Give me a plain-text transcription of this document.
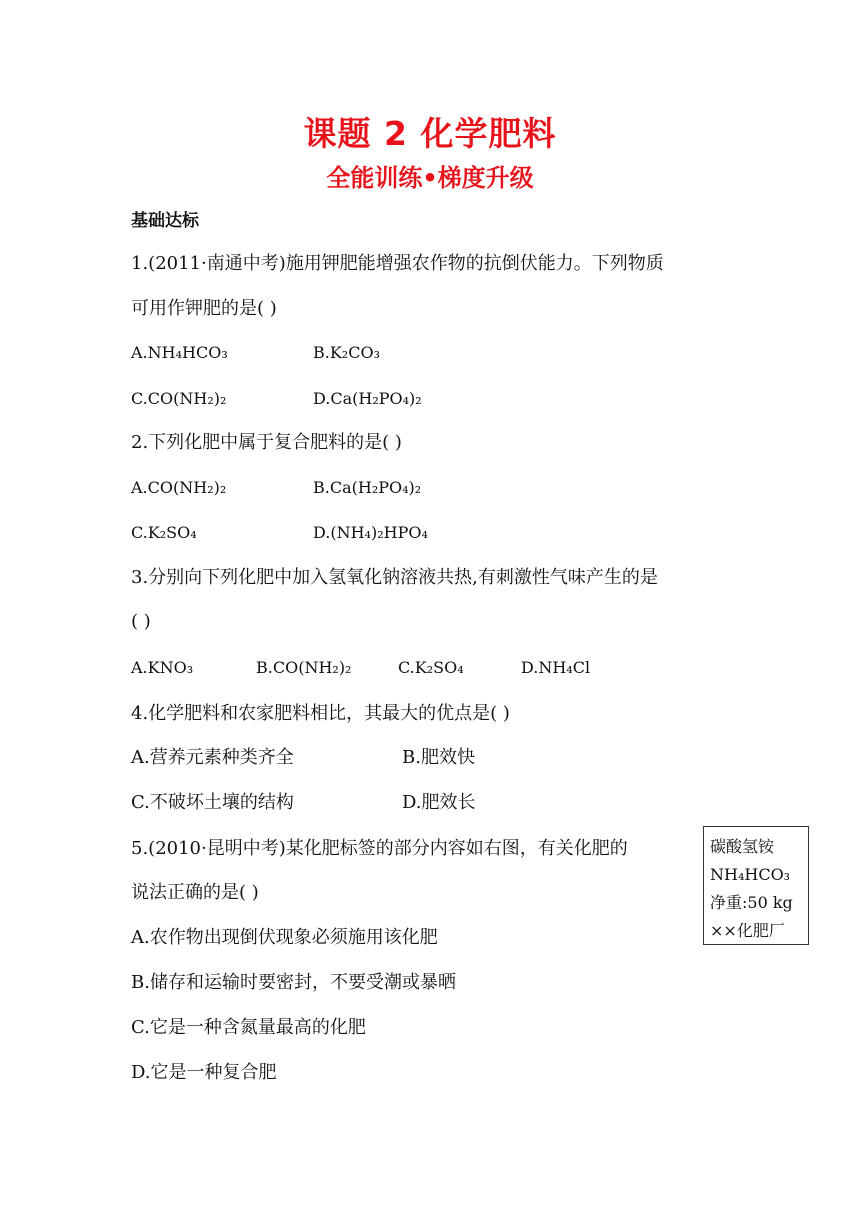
课题 2 化学肥料
全能训练•梯度升级
基础达标
1.(2011·南通中考)施用钾肥能增强农作物的抗倒伏能力。下列物质
可用作钾肥的是( )
A.NH₄HCO₃	B.K₂CO₃
C.CO(NH₂)₂	D.Ca(H₂PO₄)₂
2.下列化肥中属于复合肥料的是( )
A.CO(NH₂)₂	B.Ca(H₂PO₄)₂
C.K₂SO₄	D.(NH₄)₂HPO₄
3.分别向下列化肥中加入氢氧化钠溶液共热,有刺激性气味产生的是
( )
A.KNO₃	B.CO(NH₂)₂	C.K₂SO₄	D.NH₄Cl
4.化学肥料和农家肥料相比，其最大的优点是( )
A.营养元素种类齐全	B.肥效快
C.不破坏土壤的结构	D.肥效长
5.(2010·昆明中考)某化肥标签的部分内容如右图，有关化肥的
说法正确的是( )
A.农作物出现倒伏现象必须施用该化肥
B.储存和运输时要密封，不要受潮或暴晒
C.它是一种含氮量最高的化肥
D.它是一种复合肥
碳酸氢铵
NH₄HCO₃
净重:50 kg
××化肥厂
